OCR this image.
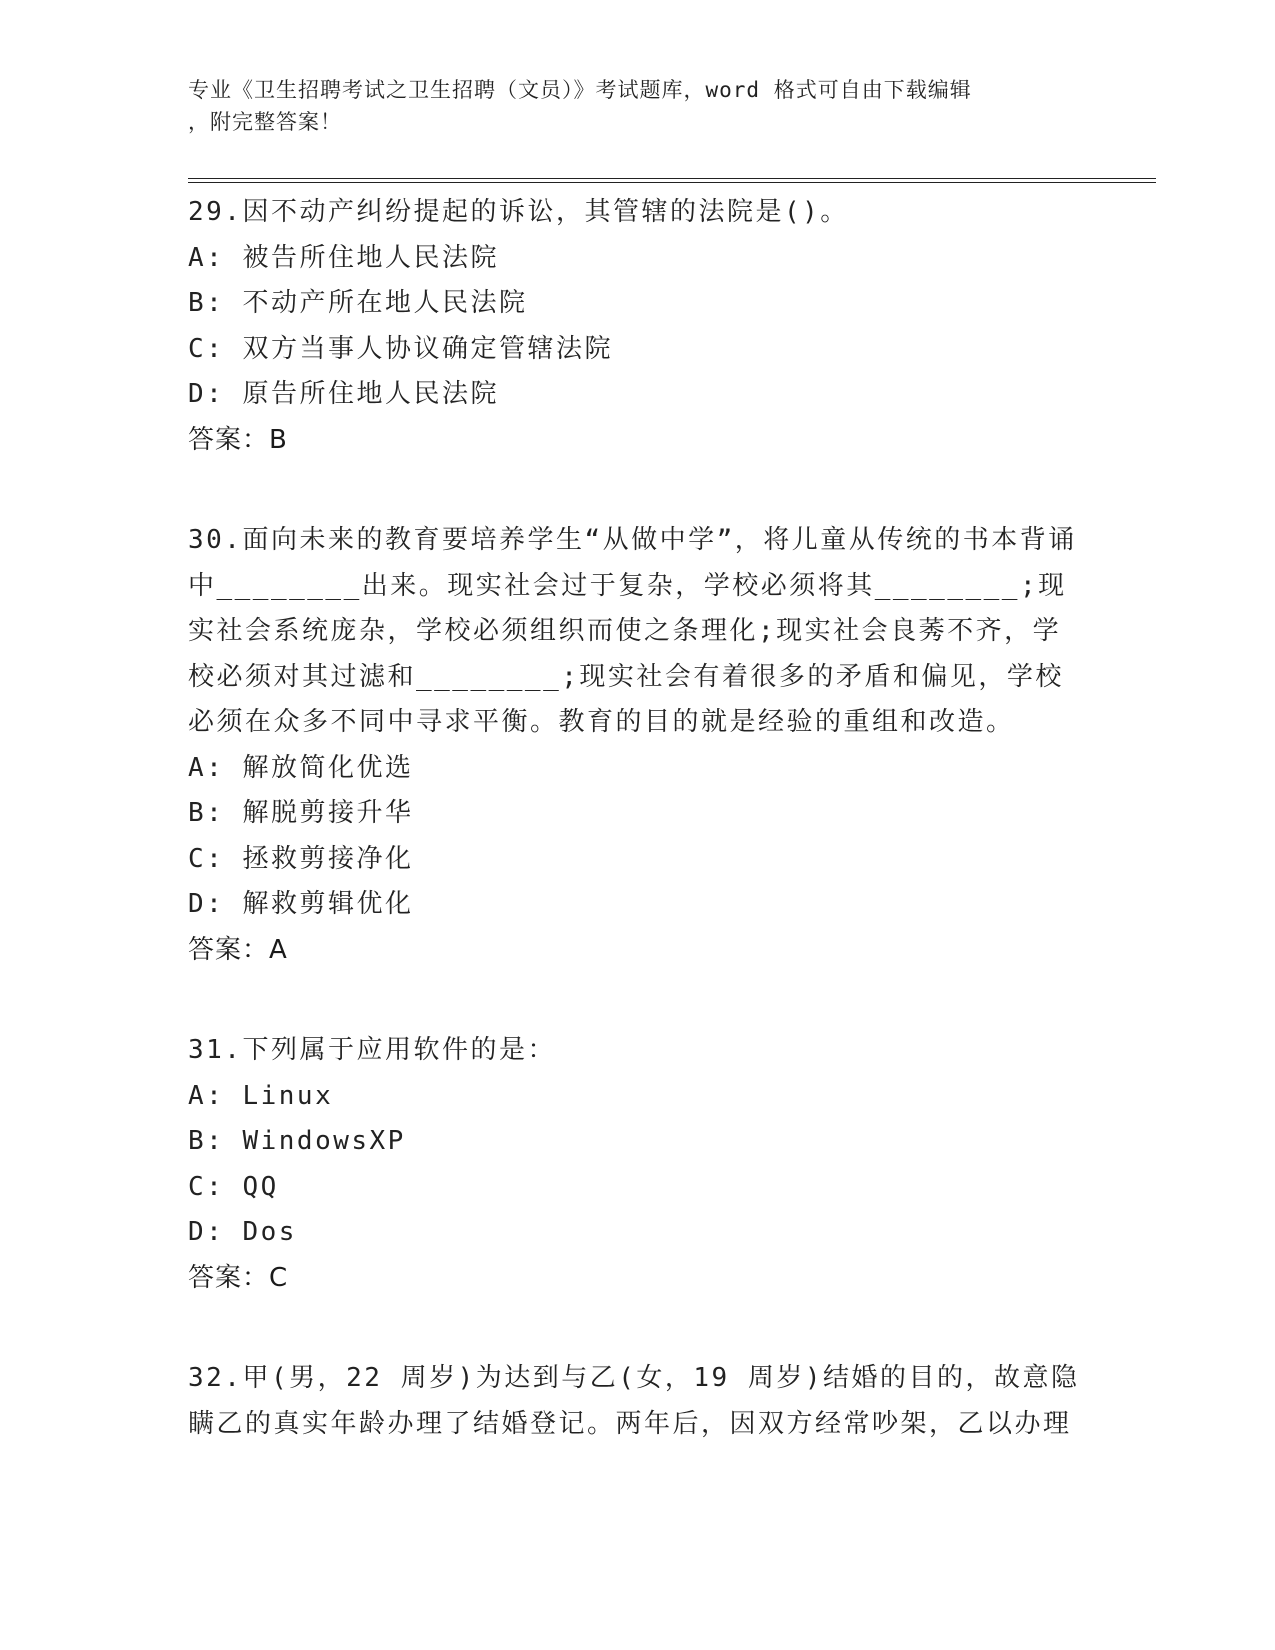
专业《卫生招聘考试之卫生招聘（文员）》考试题库，word 格式可自由下载编辑
，附完整答案！

29.因不动产纠纷提起的诉讼，其管辖的法院是()。

A: 被告所住地人民法院

B: 不动产所在地人民法院

C: 双方当事人协议确定管辖法院

D: 原告所住地人民法院

答案：B

30.面向未来的教育要培养学生“从做中学”，将儿童从传统的书本背诵中________出来。现实社会过于复杂，学校必须将其________;现实社会系统庞杂，学校必须组织而使之条理化;现实社会良莠不齐，学校必须对其过滤和________;现实社会有着很多的矛盾和偏见，学校必须在众多不同中寻求平衡。教育的目的就是经验的重组和改造。

A: 解放简化优选

B: 解脱剪接升华

C: 拯救剪接净化

D: 解救剪辑优化

答案：A

31.下列属于应用软件的是：

A: Linux

B: WindowsXP

C: QQ

D: Dos

答案：C

32.甲(男，22 周岁)为达到与乙(女，19 周岁)结婚的目的，故意隐瞒乙的真实年龄办理了结婚登记。两年后，因双方经常吵架，乙以办理
